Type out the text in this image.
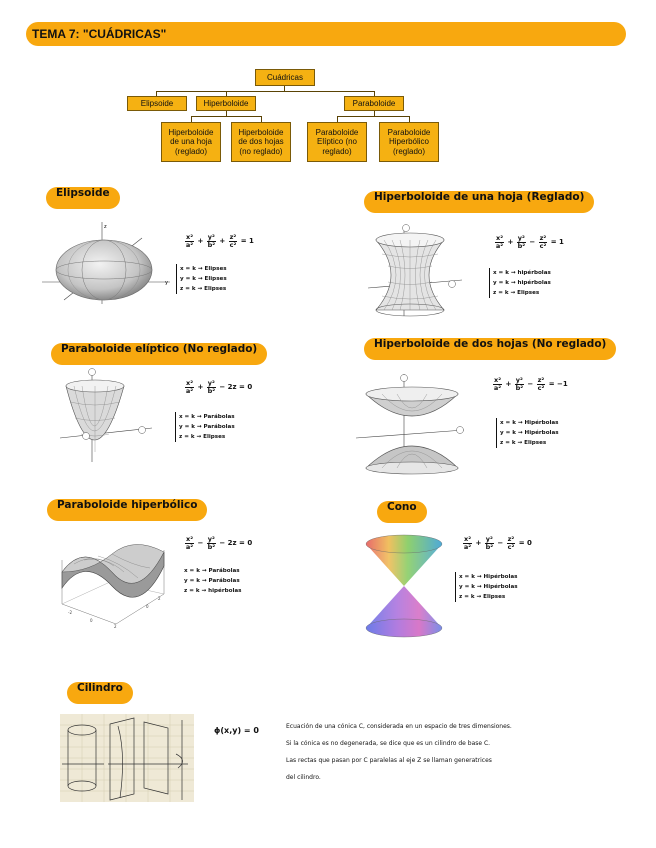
TEMA 7: "CUÁDRICAS"
Cuádricas
Elipsoide	Hiperboloide	Paraboloide
Hiperboloide de una hoja (reglado)
Hiperboloide de dos hojas (no reglado)
Paraboloide Elíptico (no reglado)
Paraboloide Hiperbólico (reglado)
Elipsoide
y
z
$\frac{\text{x²}}{\text{a²}} + \frac{\text{y²}}{\text{b²}} + \frac{\text{z²}}{\text{c²}} = 1$
x = k → Elipses
y = k → Elipses
z = k → Elipses
Hiperboloide de una hoja (Reglado)
$\frac{\text{x²}}{\text{a²}} + \frac{\text{y²}}{\text{b²}} - \frac{\text{z²}}{\text{c²}} = 1$
x = k → hipérbolas
y = k → hipérbolas
z = k → Elipses
Paraboloide elíptico (No reglado)
$\frac{\text{x²}}{\text{a²}} + \frac{\text{y²}}{\text{b²}} - 2z = 0$
x = k → Parábolas
y = k → Parábolas
z = k → Elipses
Hiperboloide de dos hojas (No reglado)
$\frac{\text{x²}}{\text{a²}} + \frac{\text{y²}}{\text{b²}} - \frac{\text{z²}}{\text{c²}} = -1$
x = k → Hipérbolas
y = k → Hipérbolas
z = k → Elipses
Paraboloide hiperbólico
-2
0
2
0
2
$\frac{\text{x²}}{\text{a²}} - \frac{\text{y²}}{\text{b²}} - 2z = 0$
x = k → Parábolas
y = k → Parábolas
z = k → hipérbolas
Cono
$\frac{\text{x²}}{\text{a²}} + \frac{\text{y²}}{\text{b²}} - \frac{\text{z²}}{\text{c²}} = 0$
x = k → Hipérbolas
y = k → Hipérbolas
z = k → Elipses
Cilindro
ϕ(x,y) = 0	Ecuación de una cónica C, considerada en un espacio de tres dimensiones.
Si la cónica es no degenerada, se dice que es un cilindro de base C.
Las rectas que pasan por C paralelas al eje Z se llaman generatrices
del cilindro.
